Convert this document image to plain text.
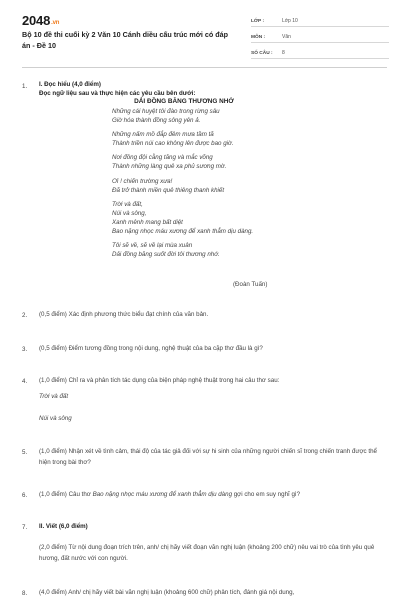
2048.vn
Bộ 10 đề thi cuối kỳ 2 Văn 10 Cánh diều cấu trúc mới có đáp án - Đề 10
LỚP :	Lớp 10
MÔN :	Văn
SỐ CÂU :	8
1. I. Đọc hiểu (4,0 điểm)
Đọc ngữ liệu sau và thực hiện các yêu cầu bên dưới:
DẢI ĐỒNG BĂNG THƯƠNG NHỚ
Những cái huyệt tôi đào trong rừng sâu
Giờ hóa thành đồng sông yên ả.
Những nấm mồ đắp đêm mưa tầm tã
Thành triền núi cao không lên được bao giờ.
Nơi đồng đội cằng tăng và mắc võng
Thành những làng quê xa phủ sương mờ.
Ơi ! chiến trường xưa!
Đã trở thành miền quê thiêng thanh khiết
Trời và đất,
Núi và sông,
Xanh mênh mang bất diệt
Bao nặng nhọc máu xương để xanh thẳm dịu dàng.
Tôi sẽ về, sẽ về lại mùa xuân
Dải đồng băng suốt đời tôi thương nhớ.
(Đoàn Tuấn)
2. (0,5 điểm) Xác định phương thức biểu đạt chính của văn bản.
3. (0,5 điểm) Điểm tương đồng trong nội dung, nghệ thuật của ba cặp thơ đầu là gì?
4. (1,0 điểm) Chỉ ra và phân tích tác dụng của biện pháp nghệ thuật trong hai câu thơ sau:
Trời và đất
Núi và sông
5. (1,0 điểm) Nhận xét về tình cảm, thái độ của tác giả đối với sự hi sinh của những người chiến sĩ trong chiến tranh được thể hiện trong bài thơ?
6. (1,0 điểm) Câu thơ Bao nặng nhọc máu xương để xanh thẳm dịu dàng gợi cho em suy nghĩ gì?
7. II. Viết (6,0 điểm)
(2,0 điểm) Từ nội dung đoạn trích trên, anh/ chị hãy viết đoạn văn nghị luận (khoảng 200 chữ) nêu vai trò của tình yêu quê hương, đất nước với con người.
8. (4,0 điểm) Anh/ chị hãy viết bài văn nghị luận (khoảng 600 chữ) phân tích, đánh giá nội dung,
